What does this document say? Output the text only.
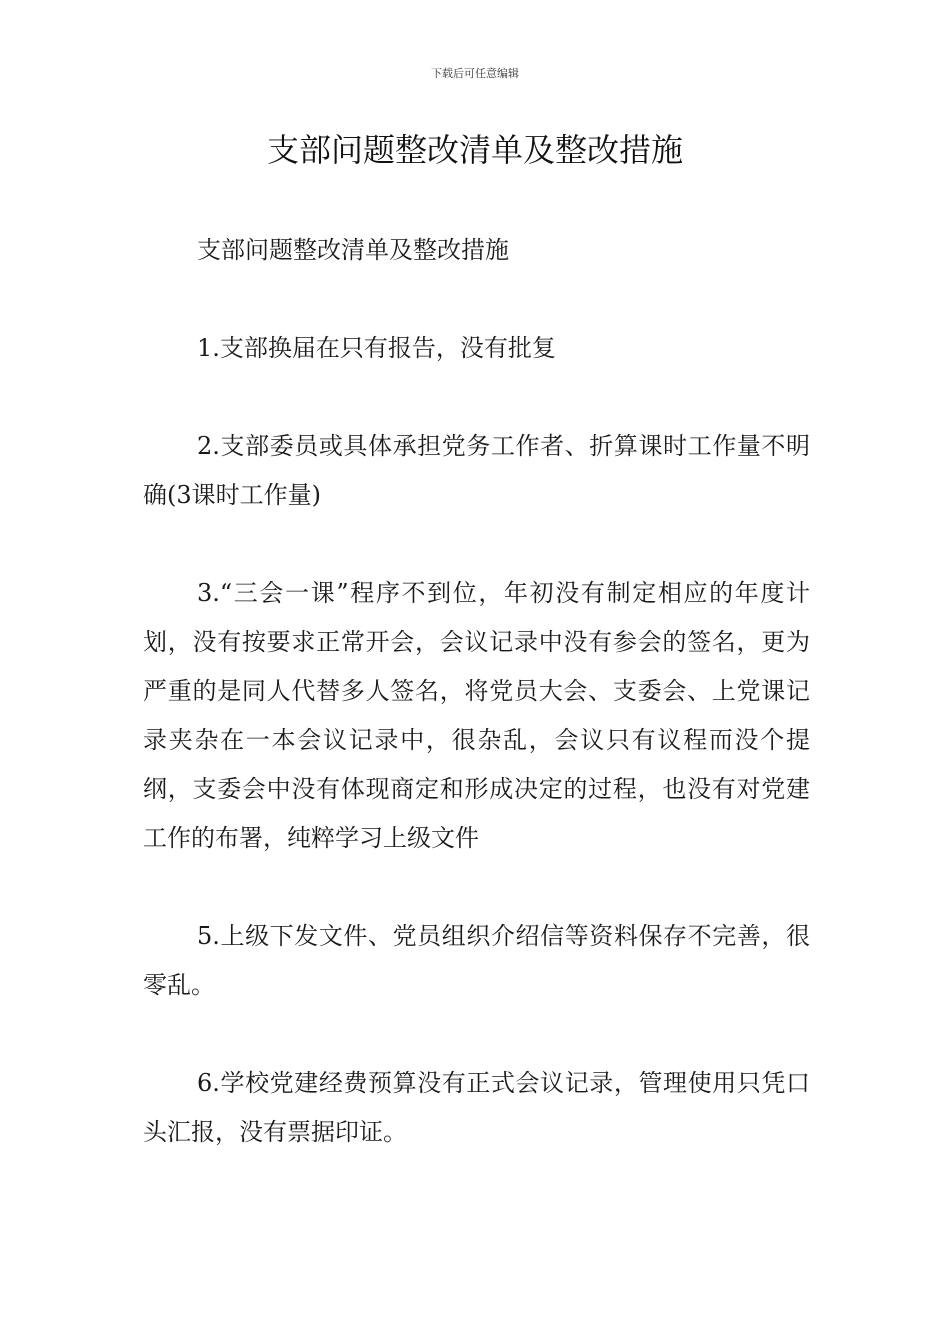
下载后可任意编辑
支部问题整改清单及整改措施

支部问题整改清单及整改措施

1.支部换届在只有报告，没有批复

2.支部委员或具体承担党务工作者、折算课时工作量不明确(3课时工作量)

3.“三会一课”程序不到位，年初没有制定相应的年度计划，没有按要求正常开会，会议记录中没有参会的签名，更为严重的是同人代替多人签名，将党员大会、支委会、上党课记录夹杂在一本会议记录中，很杂乱，会议只有议程而没个提纲，支委会中没有体现商定和形成决定的过程，也没有对党建工作的布署，纯粹学习上级文件

5.上级下发文件、党员组织介绍信等资料保存不完善，很零乱。

6.学校党建经费预算没有正式会议记录，管理使用只凭口头汇报，没有票据印证。
